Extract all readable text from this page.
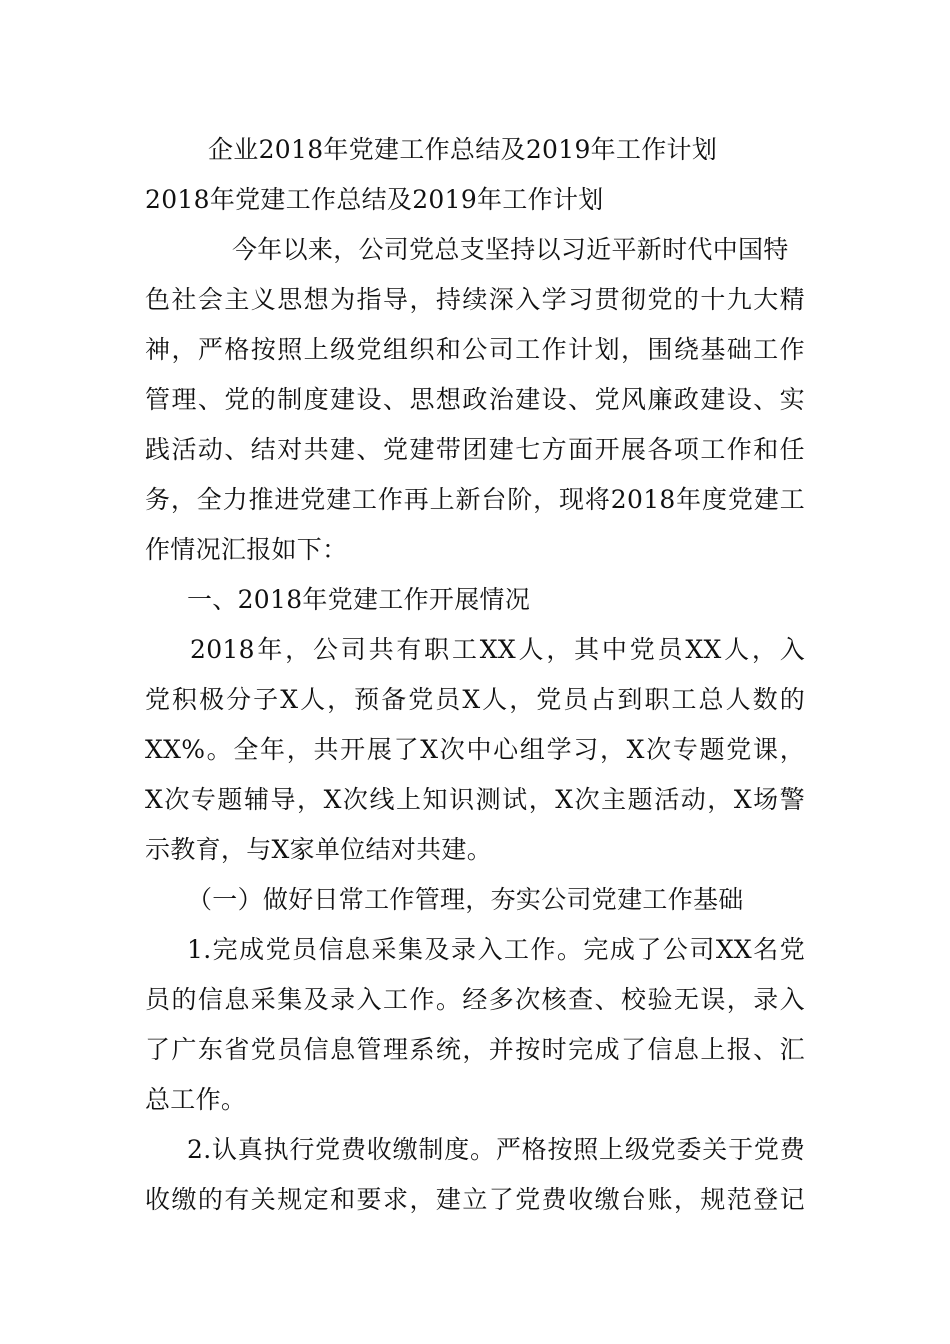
企业2018年党建工作总结及2019年工作计划
2018年党建工作总结及2019年工作计划
今年以来，公司党总支坚持以习近平新时代中国特
色社会主义思想为指导，持续深入学习贯彻党的十九大精
神，严格按照上级党组织和公司工作计划，围绕基础工作
管理、党的制度建设、思想政治建设、党风廉政建设、实
践活动、结对共建、党建带团建七方面开展各项工作和任
务，全力推进党建工作再上新台阶，现将2018年度党建工
作情况汇报如下：
一、2018年党建工作开展情况
2018年，公司共有职工XX人，其中党员XX人，入
党积极分子X人，预备党员X人，党员占到职工总人数的
XX%。全年，共开展了X次中心组学习，X次专题党课，
X次专题辅导，X次线上知识测试，X次主题活动，X场警
示教育，与X家单位结对共建。
（一）做好日常工作管理，夯实公司党建工作基础
1.完成党员信息采集及录入工作。完成了公司XX名党
员的信息采集及录入工作。经多次核查、校验无误，录入
了广东省党员信息管理系统，并按时完成了信息上报、汇
总工作。
2.认真执行党费收缴制度。严格按照上级党委关于党费
收缴的有关规定和要求，建立了党费收缴台账，规范登记
